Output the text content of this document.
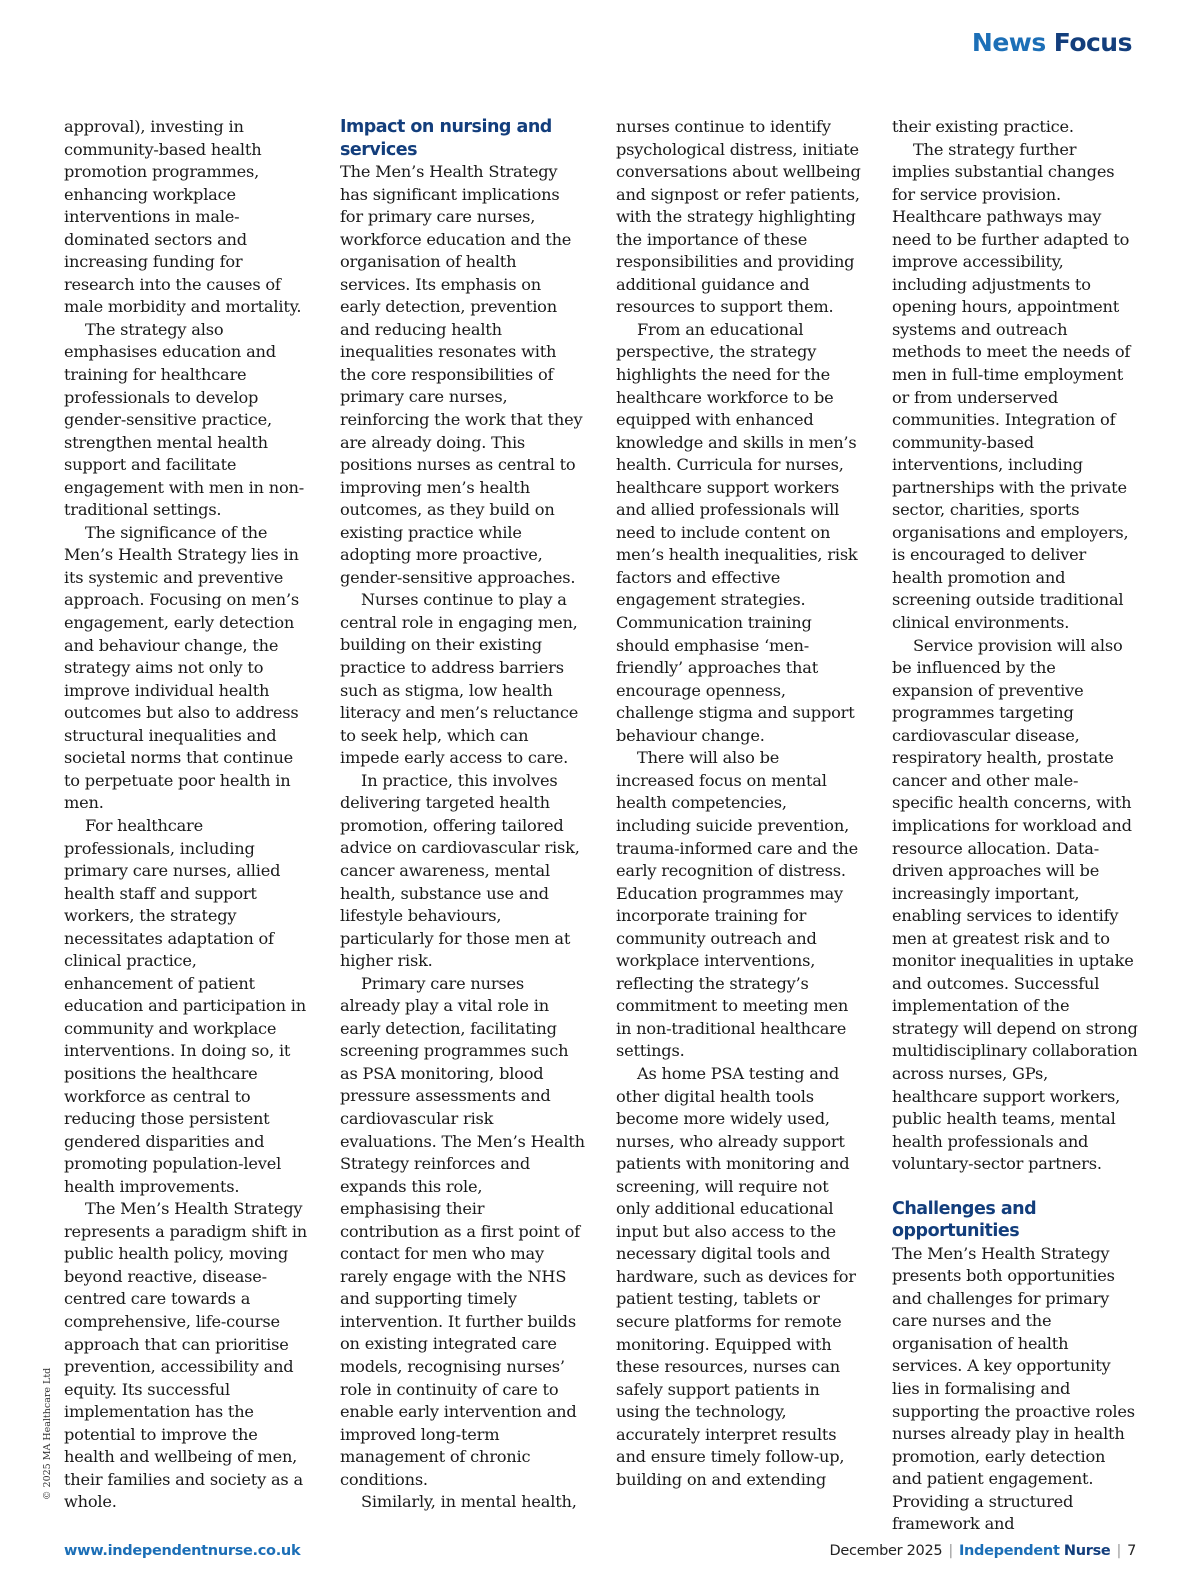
News Focus

approval), investing in community-based health promotion programmes, enhancing workplace interventions in male-dominated sectors and increasing funding for research into the causes of male morbidity and mortality.

The strategy also emphasises education and training for healthcare professionals to develop gender-sensitive practice, strengthen mental health support and facilitate engagement with men in non-traditional settings.

The significance of the Men’s Health Strategy lies in its systemic and preventive approach. Focusing on men’s engagement, early detection and behaviour change, the strategy aims not only to improve individual health outcomes but also to address structural inequalities and societal norms that continue to perpetuate poor health in men.

For healthcare professionals, including primary care nurses, allied health staff and support workers, the strategy necessitates adaptation of clinical practice, enhancement of patient education and participation in community and workplace interventions. In doing so, it positions the healthcare workforce as central to reducing those persistent gendered disparities and promoting population-level health improvements.

The Men’s Health Strategy represents a paradigm shift in public health policy, moving beyond reactive, disease-centred care towards a comprehensive, life-course approach that can prioritise prevention, accessibility and equity. Its successful implementation has the potential to improve the health and wellbeing of men, their families and society as a whole.

Impact on nursing and services

The Men’s Health Strategy has significant implications for primary care nurses, workforce education and the organisation of health services. Its emphasis on early detection, prevention and reducing health inequalities resonates with the core responsibilities of primary care nurses, reinforcing the work that they are already doing. This positions nurses as central to improving men’s health outcomes, as they build on existing practice while adopting more proactive, gender-sensitive approaches.

Nurses continue to play a central role in engaging men, building on their existing practice to address barriers such as stigma, low health literacy and men’s reluctance to seek help, which can impede early access to care.

In practice, this involves delivering targeted health promotion, offering tailored advice on cardiovascular risk, cancer awareness, mental health, substance use and lifestyle behaviours, particularly for those men at higher risk.

Primary care nurses already play a vital role in early detection, facilitating screening programmes such as PSA monitoring, blood pressure assessments and cardiovascular risk evaluations. The Men’s Health Strategy reinforces and expands this role, emphasising their contribution as a first point of contact for men who may rarely engage with the NHS and supporting timely intervention. It further builds on existing integrated care models, recognising nurses’ role in continuity of care to enable early intervention and improved long-term management of chronic conditions.

Similarly, in mental health,

nurses continue to identify psychological distress, initiate conversations about wellbeing and signpost or refer patients, with the strategy highlighting the importance of these responsibilities and providing additional guidance and resources to support them.

From an educational perspective, the strategy highlights the need for the healthcare workforce to be equipped with enhanced knowledge and skills in men’s health. Curricula for nurses, healthcare support workers and allied professionals will need to include content on men’s health inequalities, risk factors and effective engagement strategies. Communication training should emphasise ‘men-friendly’ approaches that encourage openness, challenge stigma and support behaviour change.

There will also be increased focus on mental health competencies, including suicide prevention, trauma-informed care and the early recognition of distress. Education programmes may incorporate training for community outreach and workplace interventions, reflecting the strategy’s commitment to meeting men in non-traditional healthcare settings.

As home PSA testing and other digital health tools become more widely used, nurses, who already support patients with monitoring and screening, will require not only additional educational input but also access to the necessary digital tools and hardware, such as devices for patient testing, tablets or secure platforms for remote monitoring. Equipped with these resources, nurses can safely support patients in using the technology, accurately interpret results and ensure timely follow-up, building on and extending

their existing practice.

The strategy further implies substantial changes for service provision. Healthcare pathways may need to be further adapted to improve accessibility, including adjustments to opening hours, appointment systems and outreach methods to meet the needs of men in full-time employment or from underserved communities. Integration of community-based interventions, including partnerships with the private sector, charities, sports organisations and employers, is encouraged to deliver health promotion and screening outside traditional clinical environments.

Service provision will also be influenced by the expansion of preventive programmes targeting cardiovascular disease, respiratory health, prostate cancer and other male-specific health concerns, with implications for workload and resource allocation. Data-driven approaches will be increasingly important, enabling services to identify men at greatest risk and to monitor inequalities in uptake and outcomes. Successful implementation of the strategy will depend on strong multidisciplinary collaboration across nurses, GPs, healthcare support workers, public health teams, mental health professionals and voluntary-sector partners.

Challenges and opportunities

The Men’s Health Strategy presents both opportunities and challenges for primary care nurses and the organisation of health services. A key opportunity lies in formalising and supporting the proactive roles nurses already play in health promotion, early detection and patient engagement. Providing a structured framework and

© 2025 MA Healthcare Ltd
www.independentnurse.co.uk	December 2025 | Independent Nurse | 7
